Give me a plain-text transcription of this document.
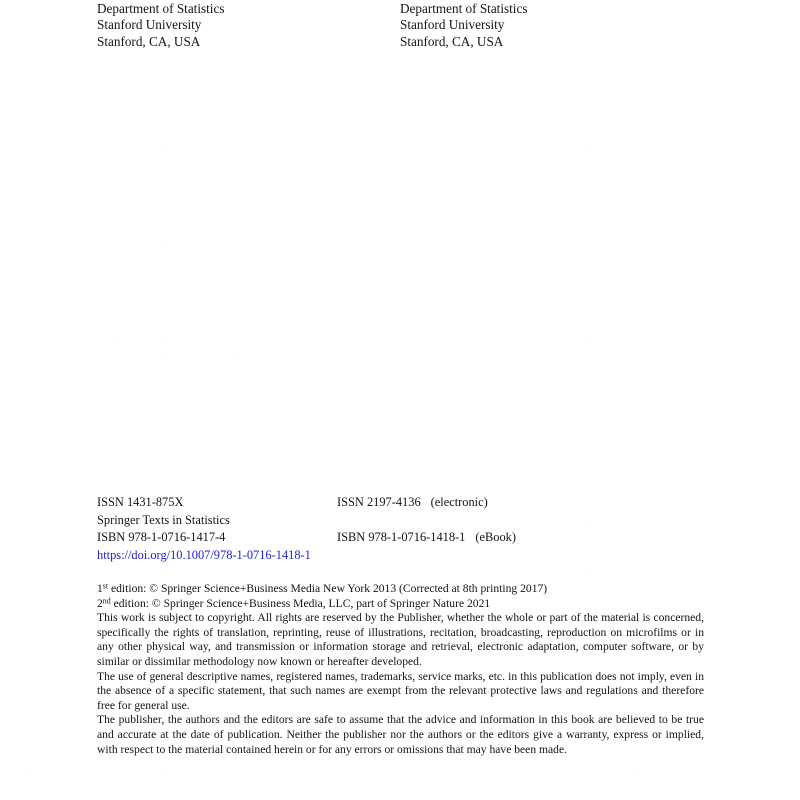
Department of Statistics
Stanford University
Stanford, CA, USA
Department of Statistics
Stanford University
Stanford, CA, USA
ISSN 1431-875X	ISSN 2197-4136 (electronic)
Springer Texts in Statistics
ISBN 978-1-0716-1417-4	ISBN 978-1-0716-1418-1 (eBook)
https://doi.org/10.1007/978-1-0716-1418-1
1st edition: © Springer Science+Business Media New York 2013 (Corrected at 8th printing 2017)
2nd edition: © Springer Science+Business Media, LLC, part of Springer Nature 2021

This work is subject to copyright. All rights are reserved by the Publisher, whether the whole or part of the material is concerned, specifically the rights of translation, reprinting, reuse of illustrations, recitation, broadcasting, reproduction on microfilms or in any other physical way, and transmission or information storage and retrieval, electronic adaptation, computer software, or by similar or dissimilar methodology now known or hereafter developed.

The use of general descriptive names, registered names, trademarks, service marks, etc. in this publication does not imply, even in the absence of a specific statement, that such names are exempt from the relevant protective laws and regulations and therefore free for general use.

The publisher, the authors and the editors are safe to assume that the advice and information in this book are believed to be true and accurate at the date of publication. Neither the publisher nor the authors or the editors give a warranty, express or implied, with respect to the material contained herein or for any errors or omissions that may have been made.
